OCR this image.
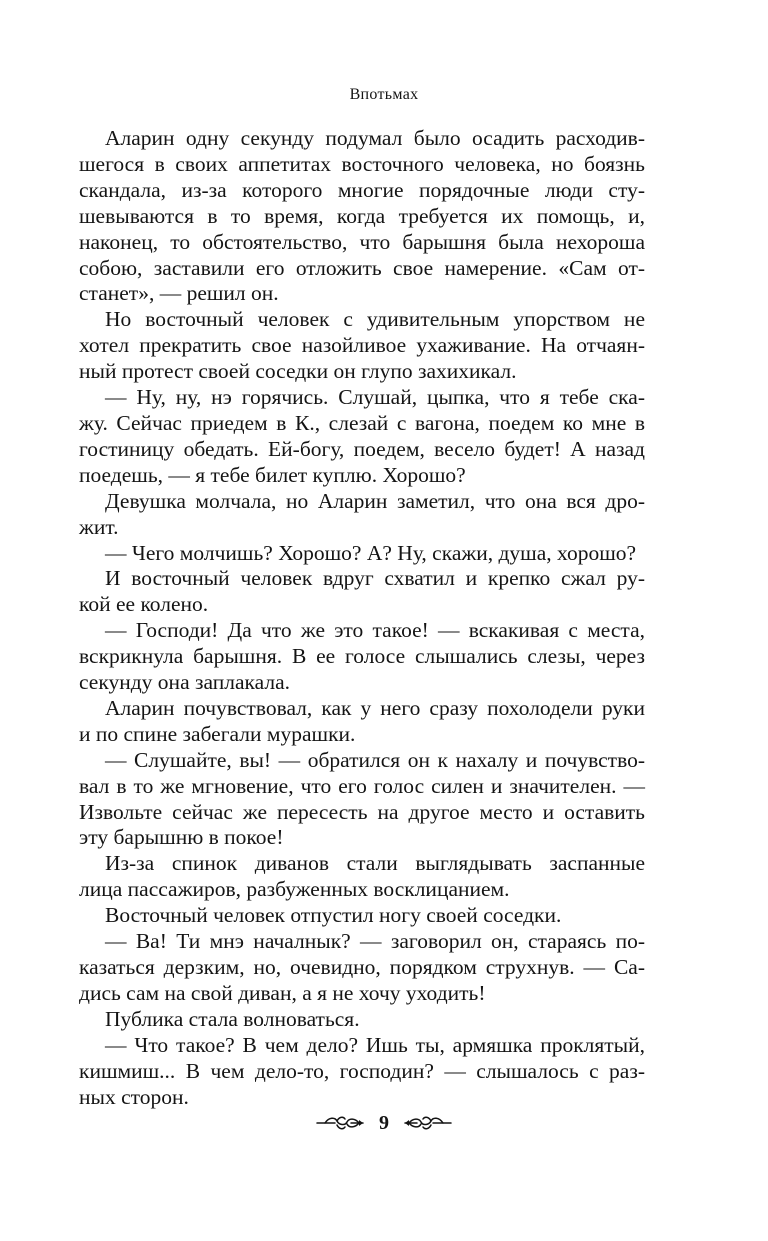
Впотьмах
Аларин одну секунду подумал было осадить расходив-
шегося в своих аппетитах восточного человека, но боязнь
скандала, из-за которого многие порядочные люди сту-
шевываются в то время, когда требуется их помощь, и,
наконец, то обстоятельство, что барышня была нехороша
собою, заставили его отложить свое намерение. «Сам от-
станет», — решил он.
Но восточный человек с удивительным упорством не
хотел прекратить свое назойливое ухаживание. На отчаян-
ный протест своей соседки он глупо захихикал.
— Ну, ну, нэ горячись. Слушай, цыпка, что я тебе ска-
жу. Сейчас приедем в К., слезай с вагона, поедем ко мне в
гостиницу обедать. Ей-богу, поедем, весело будет! А назад
поедешь, — я тебе билет куплю. Хорошо?
Девушка молчала, но Аларин заметил, что она вся дро-
жит.
— Чего молчишь? Хорошо? А? Ну, скажи, душа, хорошо?
И восточный человек вдруг схватил и крепко сжал ру-
кой ее колено.
— Господи! Да что же это такое! — вскакивая с места,
вскрикнула барышня. В ее голосе слышались слезы, через
секунду она заплакала.
Аларин почувствовал, как у него сразу похолодели руки
и по спине забегали мурашки.
— Слушайте, вы! — обратился он к нахалу и почувство-
вал в то же мгновение, что его голос силен и значителен. —
Извольте сейчас же пересесть на другое место и оставить
эту барышню в покое!
Из-за спинок диванов стали выглядывать заспанные
лица пассажиров, разбуженных восклицанием.
Восточный человек отпустил ногу своей соседки.
— Ва! Ти мнэ началнык? — заговорил он, стараясь по-
казаться дерзким, но, очевидно, порядком струхнув. — Са-
дись сам на свой диван, а я не хочу уходить!
Публика стала волноваться.
— Что такое? В чем дело? Ишь ты, армяшка проклятый,
кишмиш... В чем дело-то, господин? — слышалось с раз-
ных сторон.
9
